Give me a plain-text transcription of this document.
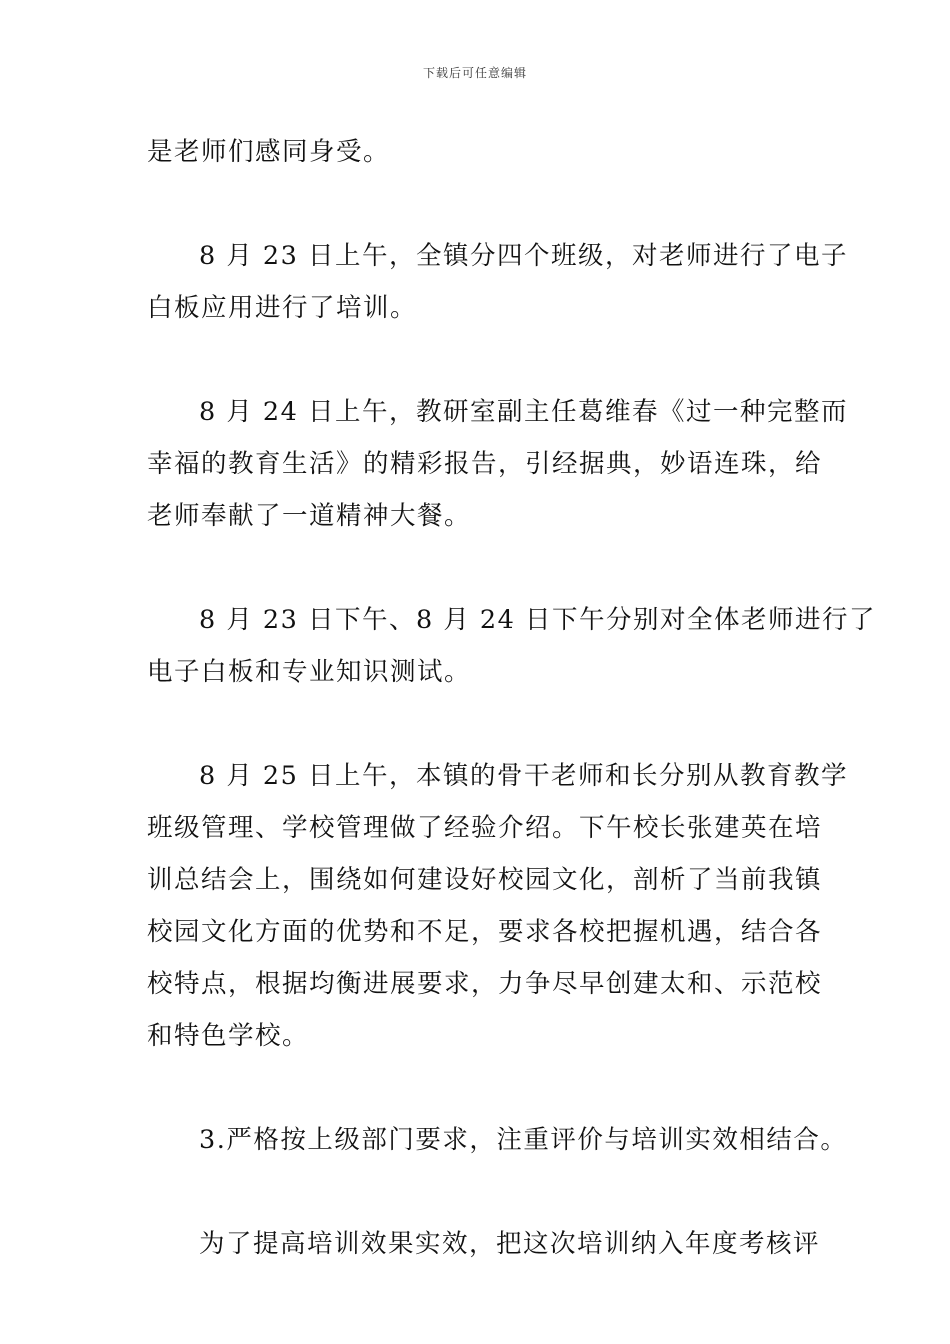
下载后可任意编辑

是老师们感同身受。

8 月 23 日上午，全镇分四个班级，对老师进行了电子
白板应用进行了培训。

8 月 24 日上午，教研室副主任葛维春《过一种完整而
幸福的教育生活》的精彩报告，引经据典，妙语连珠，给
老师奉献了一道精神大餐。

8 月 23 日下午、8 月 24 日下午分别对全体老师进行了
电子白板和专业知识测试。

8 月 25 日上午，本镇的骨干老师和长分别从教育教学
班级管理、学校管理做了经验介绍。下午校长张建英在培
训总结会上，围绕如何建设好校园文化，剖析了当前我镇
校园文化方面的优势和不足，要求各校把握机遇，结合各
校特点，根据均衡进展要求，力争尽早创建太和、示范校
和特色学校。

3.严格按上级部门要求，注重评价与培训实效相结合。

为了提高培训效果实效，把这次培训纳入年度考核评
